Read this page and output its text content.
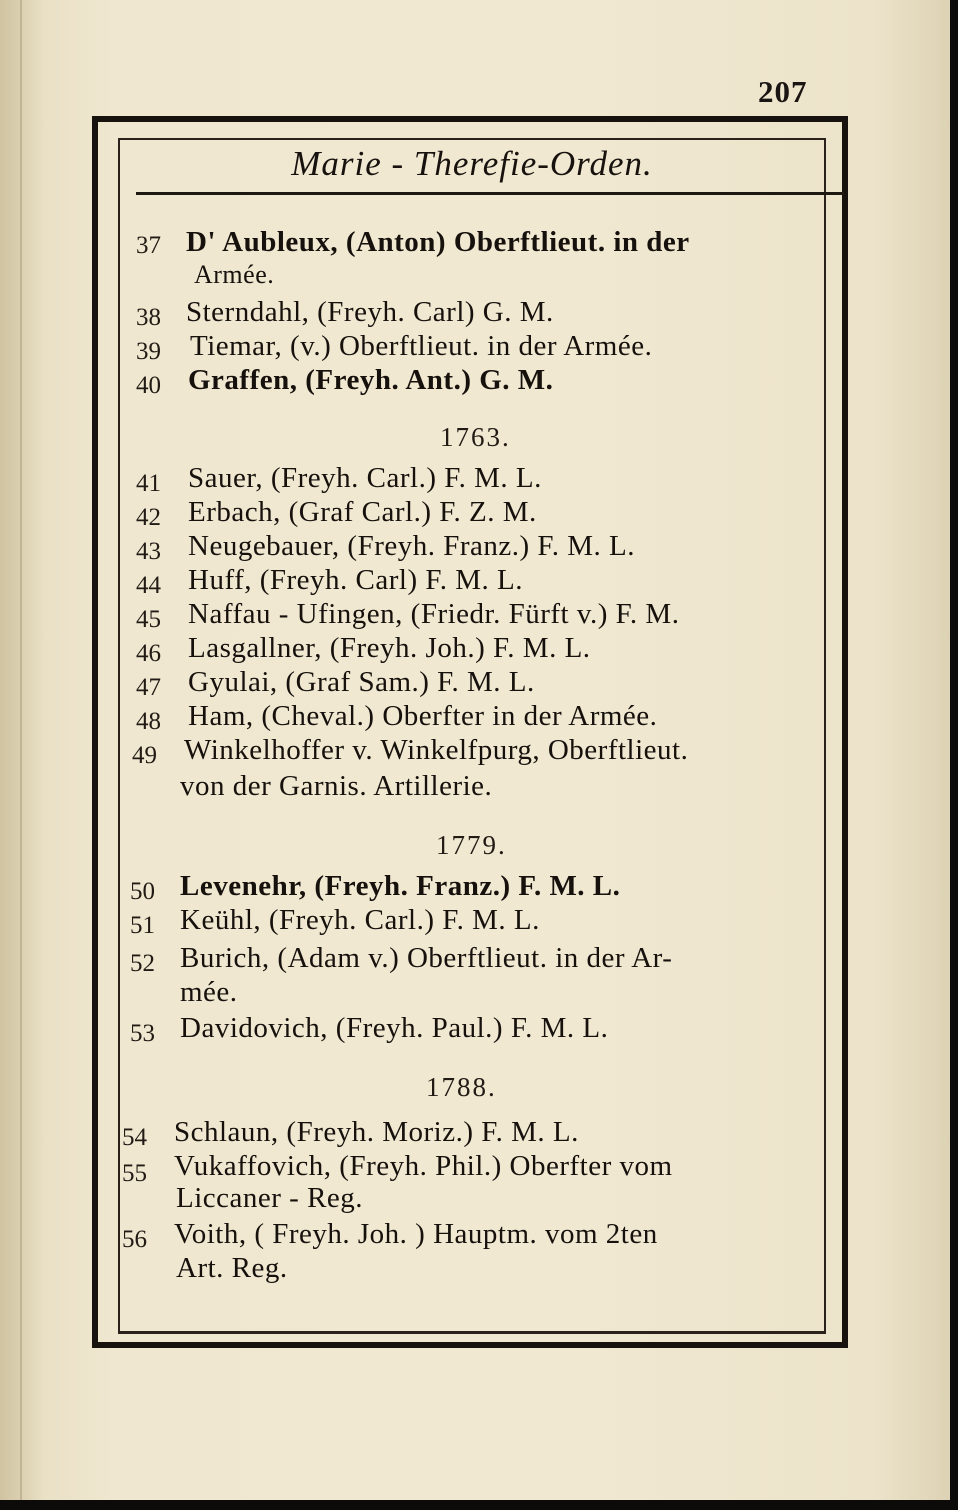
207
Marie - Therefie-Orden.
37 D' Aubleux, (Anton) Oberftlieut. in der
Armée.
38 Sterndahl, (Freyh. Carl) G. M.
39 Tiemar, (v.) Oberftlieut. in der Armée.
40 Graffen, (Freyh. Ant.) G. M.
1763.
41 Sauer, (Freyh. Carl.) F. M. L.
42 Erbach, (Graf Carl.) F. Z. M.
43 Neugebauer, (Freyh. Franz.) F. M. L.
44 Huff, (Freyh. Carl) F. M. L.
45 Naffau - Ufingen, (Friedr. Fürft v.) F. M.
46 Lasgallner, (Freyh. Joh.) F. M. L.
47 Gyulai, (Graf Sam.) F. M. L.
48 Ham, (Cheval.) Oberfter in der Armée.
49 Winkelhoffer v. Winkelfpurg, Oberftlieut.
von der Garnis. Artillerie.
1779.
50 Levenehr, (Freyh. Franz.) F. M. L.
51 Keühl, (Freyh. Carl.) F. M. L.
52 Burich, (Adam v.) Oberftlieut. in der Ar-
mée.
53 Davidovich, (Freyh. Paul.) F. M. L.
1788.
54 Schlaun, (Freyh. Moriz.) F. M. L.
55 Vukaffovich, (Freyh. Phil.) Oberfter vom
Liccaner - Reg.
56 Voith, ( Freyh. Joh. ) Hauptm. vom 2ten
Art. Reg.
